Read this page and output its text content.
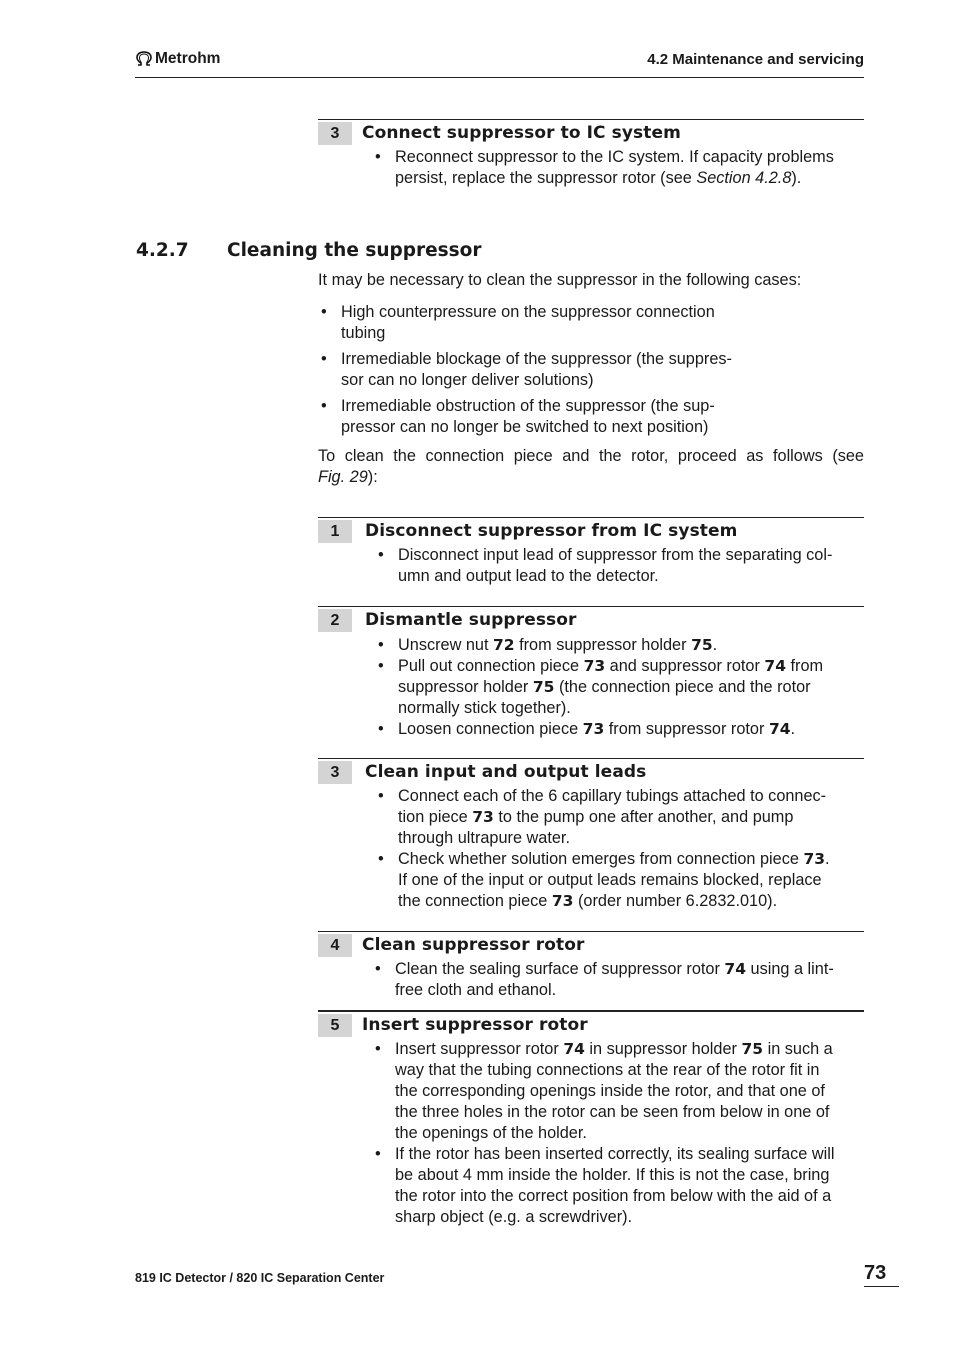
Metrohm	4.2 Maintenance and servicing
3	Connect suppressor to IC system
• Reconnect suppressor to the IC system. If capacity problems
persist, replace the suppressor rotor (see Section 4.2.8).
4.2.7 Cleaning the suppressor

It may be necessary to clean the suppressor in the following cases:

• High counterpressure on the suppressor connection
tubing
• Irremediable blockage of the suppressor (the suppres-
sor can no longer deliver solutions)
• Irremediable obstruction of the suppressor (the sup-
pressor can no longer be switched to next position)

To clean the connection piece and the rotor, proceed as follows (see
Fig. 29):

1	Disconnect suppressor from IC system
• Disconnect input lead of suppressor from the separating col-
umn and output lead to the detector.
2	Dismantle suppressor
• Unscrew nut 72 from suppressor holder 75.
• Pull out connection piece 73 and suppressor rotor 74 from
suppressor holder 75 (the connection piece and the rotor
normally stick together).
• Loosen connection piece 73 from suppressor rotor 74.
3	Clean input and output leads
• Connect each of the 6 capillary tubings attached to connec-
tion piece 73 to the pump one after another, and pump
through ultrapure water.
• Check whether solution emerges from connection piece 73.
If one of the input or output leads remains blocked, replace
the connection piece 73 (order number 6.2832.010).
4	Clean suppressor rotor
• Clean the sealing surface of suppressor rotor 74 using a lint-
free cloth and ethanol.
5	Insert suppressor rotor
• Insert suppressor rotor 74 in suppressor holder 75 in such a
way that the tubing connections at the rear of the rotor fit in
the corresponding openings inside the rotor, and that one of
the three holes in the rotor can be seen from below in one of
the openings of the holder.
• If the rotor has been inserted correctly, its sealing surface will
be about 4 mm inside the holder. If this is not the case, bring
the rotor into the correct position from below with the aid of a
sharp object (e.g. a screwdriver).
819 IC Detector / 820 IC Separation Center	73
